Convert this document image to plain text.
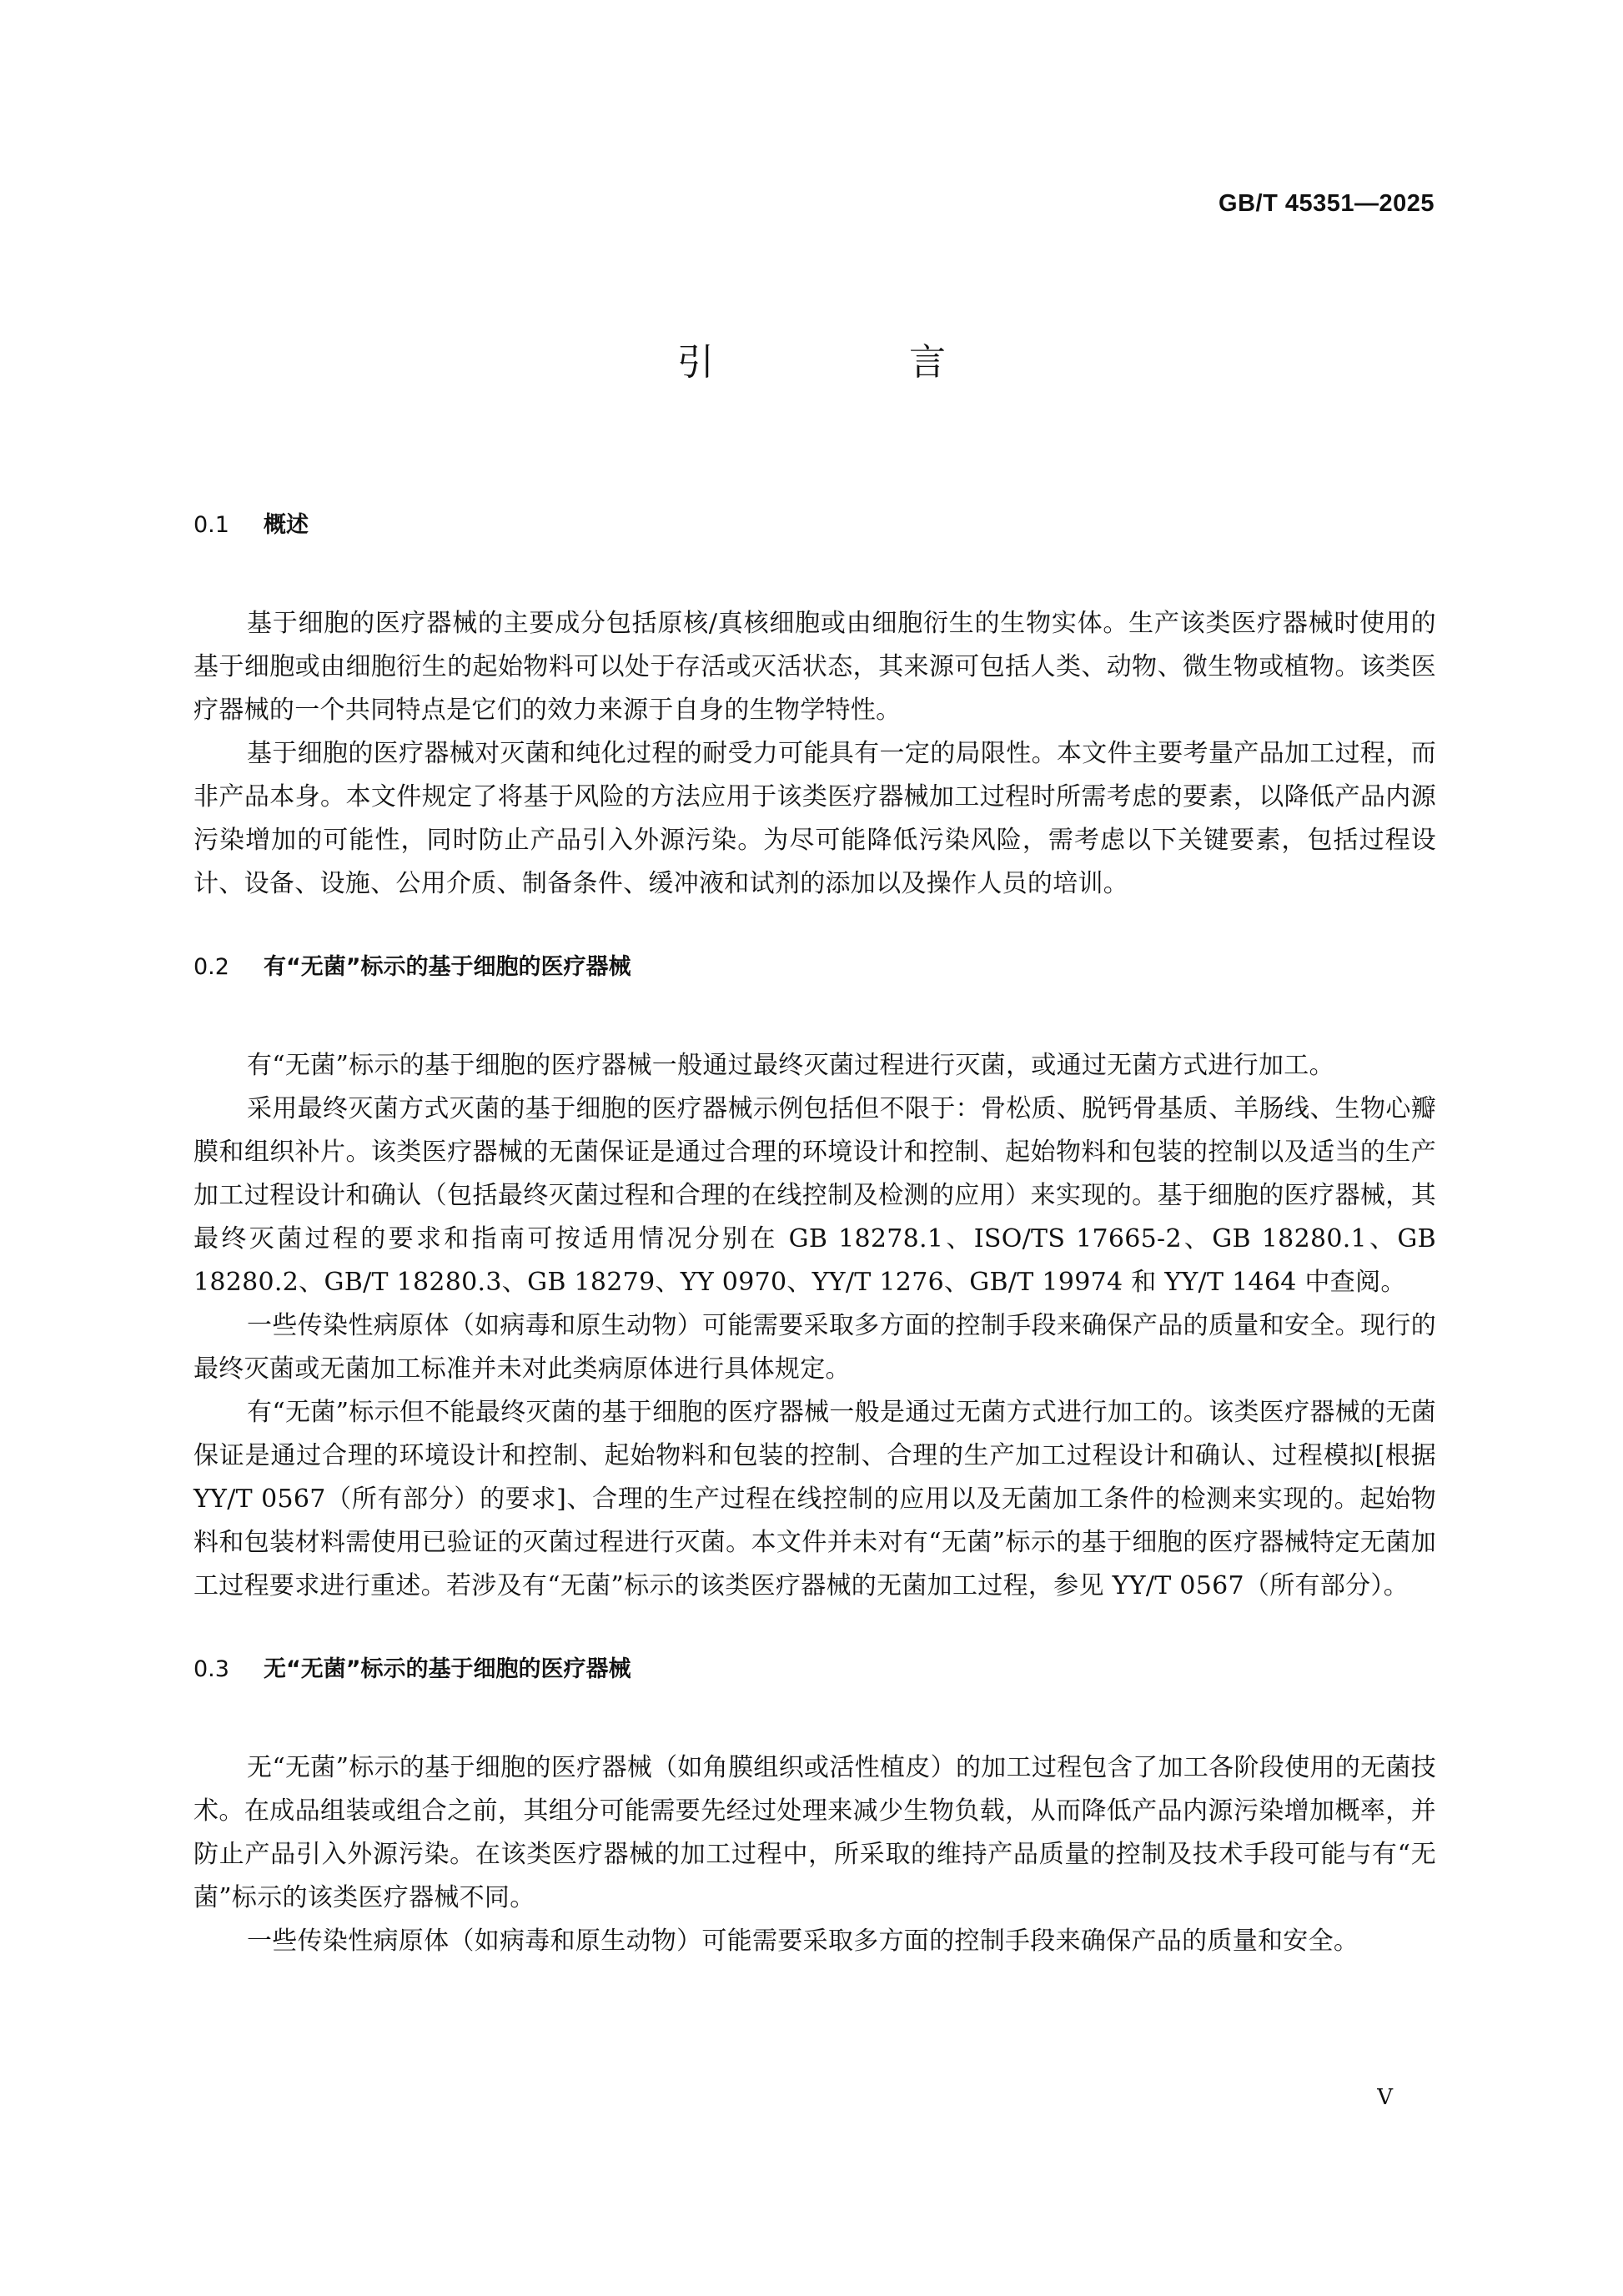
GB/T 45351—2025
引 言
0.1 概述

基于细胞的医疗器械的主要成分包括原核/真核细胞或由细胞衍生的生物实体。生产该类医疗器械时使用的基于细胞或由细胞衍生的起始物料可以处于存活或灭活状态，其来源可包括人类、动物、微生物或植物。该类医疗器械的一个共同特点是它们的效力来源于自身的生物学特性。

基于细胞的医疗器械对灭菌和纯化过程的耐受力可能具有一定的局限性。本文件主要考量产品加工过程，而非产品本身。本文件规定了将基于风险的方法应用于该类医疗器械加工过程时所需考虑的要素，以降低产品内源污染增加的可能性，同时防止产品引入外源污染。为尽可能降低污染风险，需考虑以下关键要素，包括过程设计、设备、设施、公用介质、制备条件、缓冲液和试剂的添加以及操作人员的培训。

0.2 有“无菌”标示的基于细胞的医疗器械

有“无菌”标示的基于细胞的医疗器械一般通过最终灭菌过程进行灭菌，或通过无菌方式进行加工。

采用最终灭菌方式灭菌的基于细胞的医疗器械示例包括但不限于：骨松质、脱钙骨基质、羊肠线、生物心瓣膜和组织补片。该类医疗器械的无菌保证是通过合理的环境设计和控制、起始物料和包装的控制以及适当的生产加工过程设计和确认（包括最终灭菌过程和合理的在线控制及检测的应用）来实现的。基于细胞的医疗器械，其最终灭菌过程的要求和指南可按适用情况分别在 GB 18278.1、ISO/TS 17665-2、GB 18280.1、GB 18280.2、GB/T 18280.3、GB 18279、YY 0970、YY/T 1276、GB/T 19974 和 YY/T 1464 中查阅。

一些传染性病原体（如病毒和原生动物）可能需要采取多方面的控制手段来确保产品的质量和安全。现行的最终灭菌或无菌加工标准并未对此类病原体进行具体规定。

有“无菌”标示但不能最终灭菌的基于细胞的医疗器械一般是通过无菌方式进行加工的。该类医疗器械的无菌保证是通过合理的环境设计和控制、起始物料和包装的控制、合理的生产加工过程设计和确认、过程模拟[根据 YY/T 0567（所有部分）的要求]、合理的生产过程在线控制的应用以及无菌加工条件的检测来实现的。起始物料和包装材料需使用已验证的灭菌过程进行灭菌。本文件并未对有“无菌”标示的基于细胞的医疗器械特定无菌加工过程要求进行重述。若涉及有“无菌”标示的该类医疗器械的无菌加工过程，参见 YY/T 0567（所有部分）。

0.3 无“无菌”标示的基于细胞的医疗器械

无“无菌”标示的基于细胞的医疗器械（如角膜组织或活性植皮）的加工过程包含了加工各阶段使用的无菌技术。在成品组装或组合之前，其组分可能需要先经过处理来减少生物负载，从而降低产品内源污染增加概率，并防止产品引入外源污染。在该类医疗器械的加工过程中，所采取的维持产品质量的控制及技术手段可能与有“无菌”标示的该类医疗器械不同。

一些传染性病原体（如病毒和原生动物）可能需要采取多方面的控制手段来确保产品的质量和安全。

V
